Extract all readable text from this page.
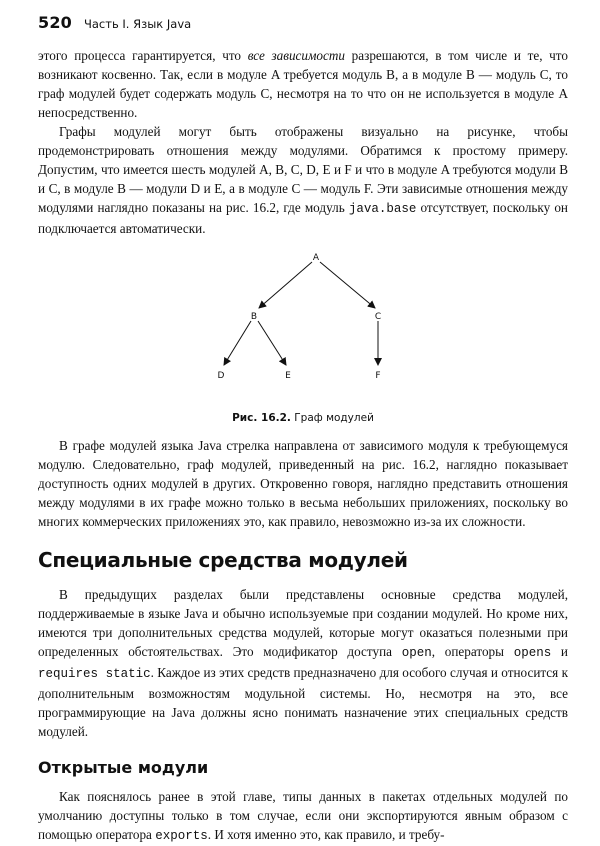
520 Часть I. Язык Java

этого процесса гарантируется, что все зависимости разрешаются, в том числе и те, что возникают косвенно. Так, если в модуле A требуется модуль B, а в модуле B — модуль C, то граф модулей будет содержать модуль C, несмотря на то что он не используется в модуле A непосредственно.

Графы модулей могут быть отображены визуально на рисунке, чтобы продемонстрировать отношения между модулями. Обратимся к простому примеру. Допустим, что имеется шесть модулей A, B, C, D, E и F и что в модуле A требуются модули B и C, в модуле B — модули D и E, а в модуле C — модуль F. Эти зависимые отношения между модулями наглядно показаны на рис. 16.2, где модуль java.base отсутствует, поскольку он подключается автоматически.

A
B	C
D	E	F
Рис. 16.2. Граф модулей

В графе модулей языка Java стрелка направлена от зависимого модуля к требующемуся модулю. Следовательно, граф модулей, приведенный на рис. 16.2, наглядно показывает доступность одних модулей в других. Откровенно говоря, наглядно представить отношения между модулями в их графе можно только в весьма небольших приложениях, поскольку во многих коммерческих приложениях это, как правило, невозможно из-за их сложности.

Специальные средства модулей

В предыдущих разделах были представлены основные средства модулей, поддерживаемые в языке Java и обычно используемые при создании модулей. Но кроме них, имеются три дополнительных средства модулей, которые могут оказаться полезными при определенных обстоятельствах. Это модификатор доступа open, операторы opens и requires static. Каждое из этих средств предназначено для особого случая и относится к дополнительным возможностям модульной системы. Но, несмотря на это, все программирующие на Java должны ясно понимать назначение этих специальных средств модулей.

Открытые модули

Как пояснялось ранее в этой главе, типы данных в пакетах отдельных модулей по умолчанию доступны только в том случае, если они экспортируются явным образом с помощью оператора exports. И хотя именно это, как правило, и требу-
